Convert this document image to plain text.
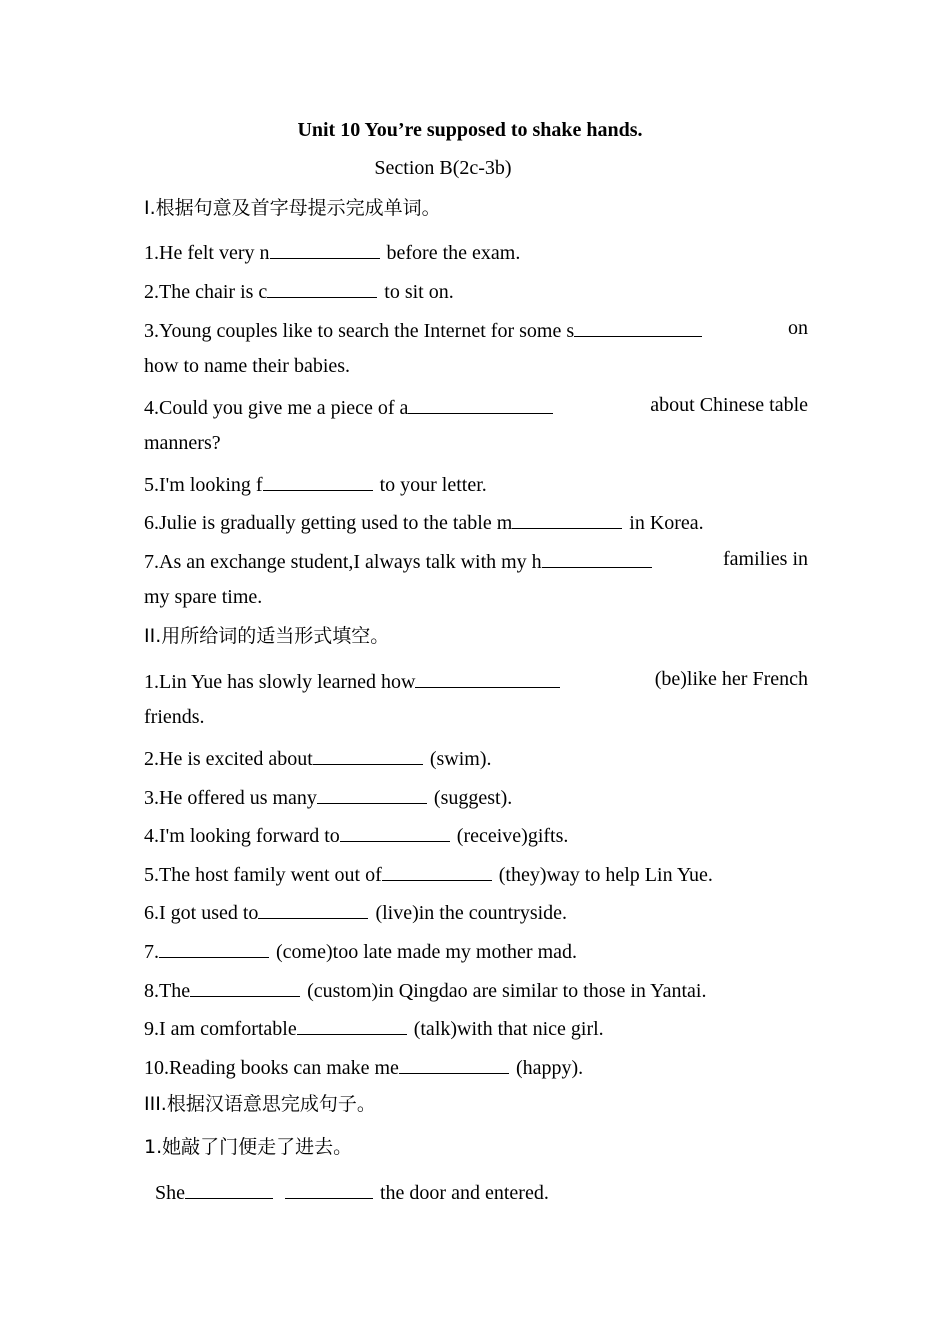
Unit 10 You’re supposed to shake hands.
Section B(2c-3b)
I.根据句意及首字母提示完成单词。
1.He felt very n	before the exam.
2.The chair is c	to sit on.
3.Young couples like to search the Internet for some s	on
how to name their babies.
4.Could you give me a piece of a	about Chinese table
manners?
5.I'm looking f	to your letter.
6.Julie is gradually getting used to the table m	in Korea.
7.As an exchange student,I always talk with my h	families in
my spare time.
II.用所给词的适当形式填空。
1.Lin Yue has slowly learned how	(be)like her French
friends.
2.He is excited about	(swim).
3.He offered us many	(suggest).
4.I'm looking forward to	(receive)gifts.
5.The host family went out of	(they)way to help Lin Yue.
6.I got used to	(live)in the countryside.
7.	(come)too late made my mother mad.
8.The	(custom)in Qingdao are similar to those in Yantai.
9.I am comfortable	(talk)with that nice girl.
10.Reading books can make me	(happy).
III.根据汉语意思完成句子。
1.她敲了门便走了进去。
She	the door and entered.
